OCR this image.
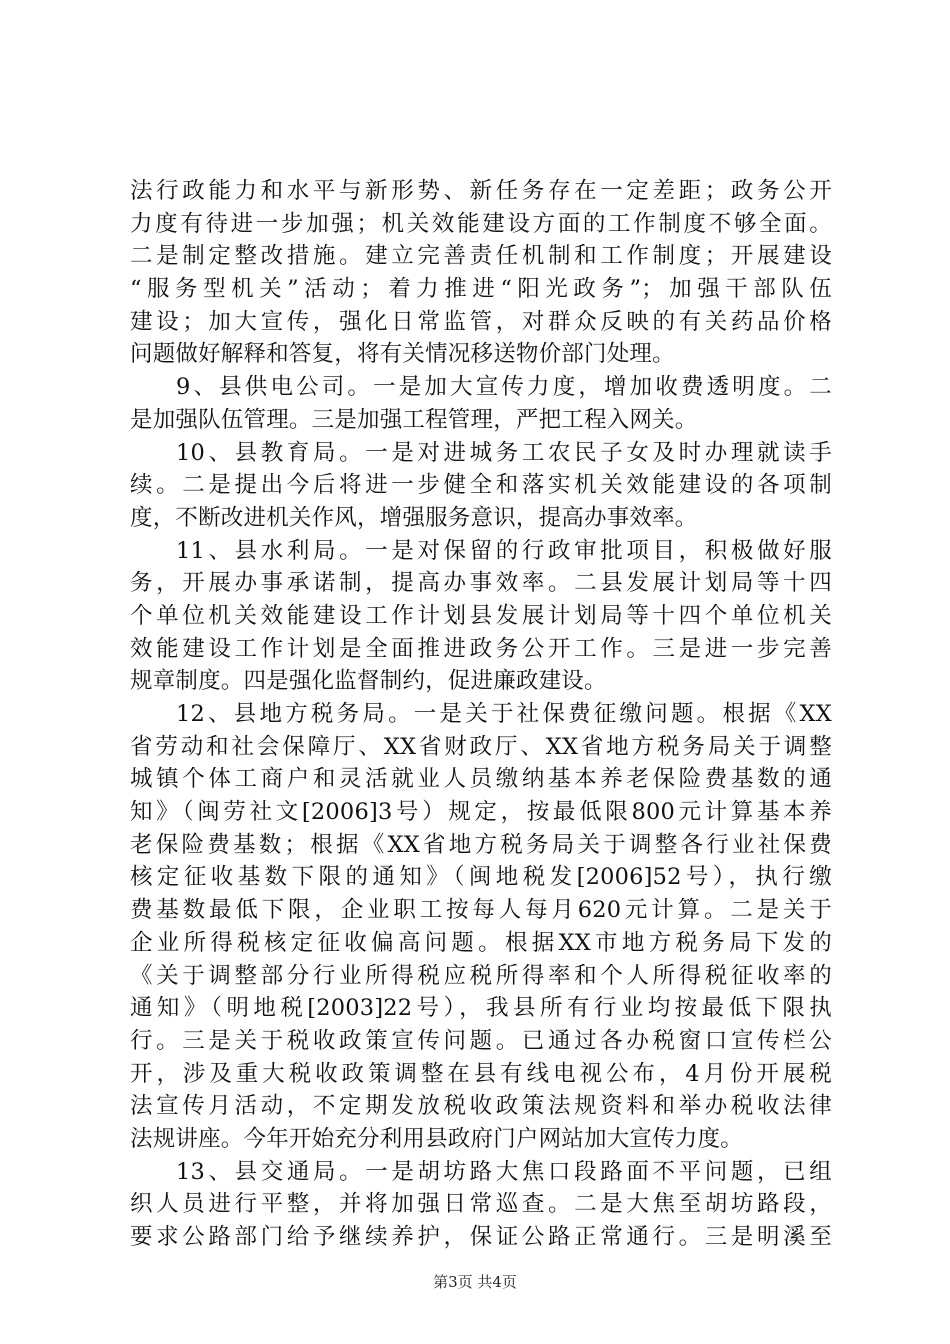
法行政能力和水平与新形势、新任务存在一定差距；政务公开
力度有待进一步加强；机关效能建设方面的工作制度不够全面。
二是制定整改措施。建立完善责任机制和工作制度；开展建设
“服务型机关”活动；着力推进“阳光政务”；加强干部队伍
建设；加大宣传，强化日常监管，对群众反映的有关药品价格
问题做好解释和答复，将有关情况移送物价部门处理。
9、县供电公司。一是加大宣传力度，增加收费透明度。二
是加强队伍管理。三是加强工程管理，严把工程入网关。
10、县教育局。一是对进城务工农民子女及时办理就读手
续。二是提出今后将进一步健全和落实机关效能建设的各项制
度，不断改进机关作风，增强服务意识，提高办事效率。
11、县水利局。一是对保留的行政审批项目，积极做好服
务，开展办事承诺制，提高办事效率。二县发展计划局等十四
个单位机关效能建设工作计划县发展计划局等十四个单位机关
效能建设工作计划是全面推进政务公开工作。三是进一步完善
规章制度。四是强化监督制约，促进廉政建设。
12、县地方税务局。一是关于社保费征缴问题。根据《XX
省劳动和社会保障厅、XX省财政厅、XX省地方税务局关于调整
城镇个体工商户和灵活就业人员缴纳基本养老保险费基数的通
知》（闽劳社文[2006]3号）规定，按最低限800元计算基本养
老保险费基数；根据《XX省地方税务局关于调整各行业社保费
核定征收基数下限的通知》（闽地税发[2006]52号），执行缴
费基数最低下限，企业职工按每人每月620元计算。二是关于
企业所得税核定征收偏高问题。根据XX市地方税务局下发的
《关于调整部分行业所得税应税所得率和个人所得税征收率的
通知》（明地税[2003]22号），我县所有行业均按最低下限执
行。三是关于税收政策宣传问题。已通过各办税窗口宣传栏公
开，涉及重大税收政策调整在县有线电视公布，4月份开展税
法宣传月活动，不定期发放税收政策法规资料和举办税收法律
法规讲座。今年开始充分利用县政府门户网站加大宣传力度。
13、县交通局。一是胡坊路大焦口段路面不平问题，已组
织人员进行平整，并将加强日常巡查。二是大焦至胡坊路段，
要求公路部门给予继续养护，保证公路正常通行。三是明溪至
第3页 共4页
